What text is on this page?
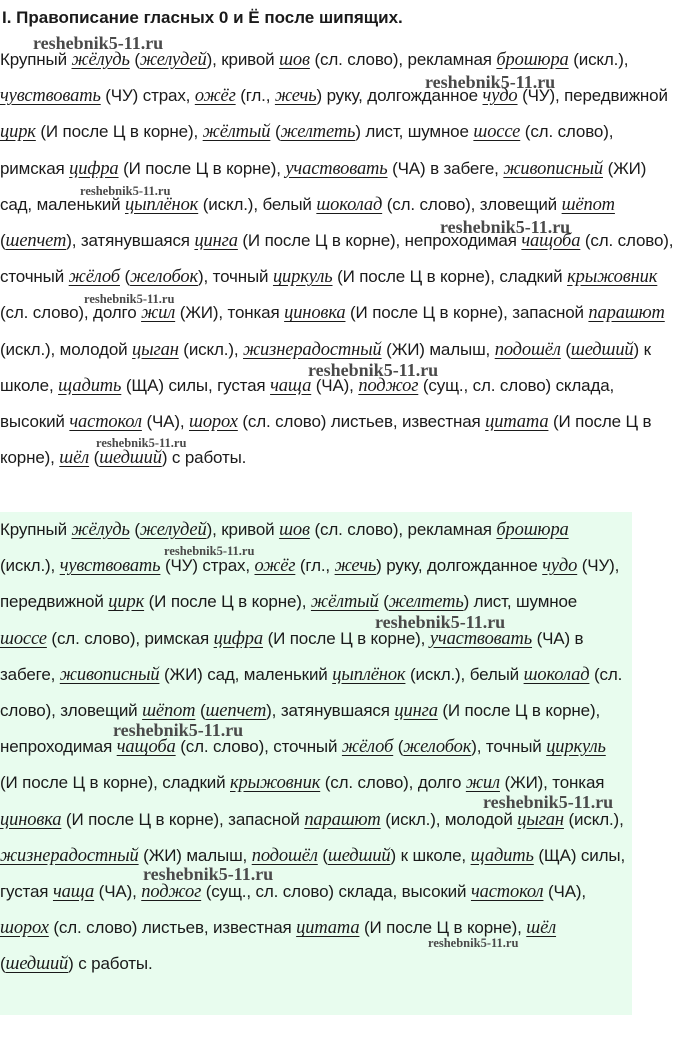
I. Правописание гласных 0 и Ё после шипящих.

Крупный жёлудь (желудей), кривой шов (сл. слово), рекламная брошюра (искл.), чувствовать (ЧУ) страх, ожёг (гл., жечь) руку, долгожданное чудо (ЧУ), передвижной цирк (И после Ц в корне), жёлтый (желтеть) лист, шумное шоссе (сл. слово), римская цифра (И после Ц в корне), участвовать (ЧА) в забеге, живописный (ЖИ) сад, маленький цыплёнок (искл.), белый шоколад (сл. слово), зловещий шёпот (шепчет), затянувшаяся цинга (И после Ц в корне), непроходимая чащоба (сл. слово), сточный жёлоб (желобок), точный циркуль (И после Ц в корне), сладкий крыжовник (сл. слово), долго жил (ЖИ), тонкая циновка (И после Ц в корне), запасной парашют (искл.), молодой цыган (искл.), жизнерадостный (ЖИ) малыш, подошёл (шедший) к школе, щадить (ЩА) силы, густая чаща (ЧА), поджог (сущ., сл. слово) склада, высокий частокол (ЧА), шорох (сл. слово) листьев, известная цитата (И после Ц в корне), шёл (шедший) с работы.

Крупный жёлудь (желудей), кривой шов (сл. слово), рекламная брошюра (искл.), чувствовать (ЧУ) страх, ожёг (гл., жечь) руку, долгожданное чудо (ЧУ), передвижной цирк (И после Ц в корне), жёлтый (желтеть) лист, шумное шоссе (сл. слово), римская цифра (И после Ц в корне), участвовать (ЧА) в забеге, живописный (ЖИ) сад, маленький цыплёнок (искл.), белый шоколад (сл. слово), зловещий шёпот (шепчет), затянувшаяся цинга (И после Ц в корне), непроходимая чащоба (сл. слово), сточный жёлоб (желобок), точный циркуль (И после Ц в корне), сладкий крыжовник (сл. слово), долго жил (ЖИ), тонкая циновка (И после Ц в корне), запасной парашют (искл.), молодой цыган (искл.), жизнерадостный (ЖИ) малыш, подошёл (шедший) к школе, щадить (ЩА) силы, густая чаща (ЧА), поджог (сущ., сл. слово) склада, высокий частокол (ЧА), шорох (сл. слово) листьев, известная цитата (И после Ц в корне), шёл (шедший) с работы.

reshebnik5-11.ru
reshebnik5-11.ru
reshebnik5-11.ru
reshebnik5-11.ru
reshebnik5-11.ru
reshebnik5-11.ru
reshebnik5-11.ru
reshebnik5-11.ru
reshebnik5-11.ru
reshebnik5-11.ru
reshebnik5-11.ru
reshebnik5-11.ru
reshebnik5-11.ru
